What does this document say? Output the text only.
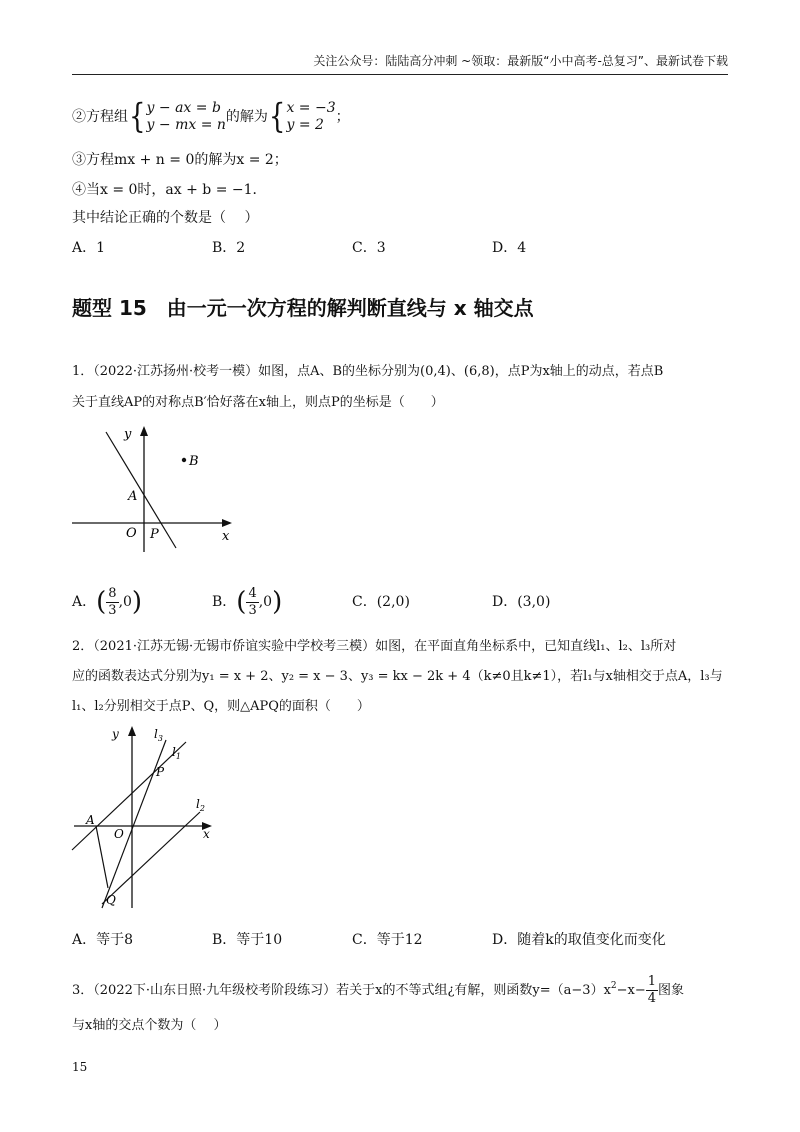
关注公众号：陆陆高分冲刺 ~领取：最新版“小中高考-总复习”、最新试卷下载
②方程组{ y − ax = b
y − mx = n 的解为{ x = −3
y = 2 ；
③方程mx + n = 0的解为x = 2；
④当x = 0时，ax + b = −1．
其中结论正确的个数是（　 ）
A．1	B．2	C．3	D．4
题型 15　由一元一次方程的解判断直线与 x 轴交点
1．（2022·江苏扬州·校考一模）如图，点A、B的坐标分别为(0,4)、(6,8)，点P为x轴上的动点，若点B
关于直线AP的对称点B′恰好落在x轴上，则点P的坐标是（　　）
B
y
x
A
O P
A．( $\frac{8}{3} ,0$)	B．( $\frac{4}{3} ,0$)	C．(2,0)	D．(3,0)
2．（2021·江苏无锡·无锡市侨谊实验中学校考三模）如图，在平面直角坐标系中，已知直线l₁、l₂、l₃所对
应的函数表达式分别为y₁ = x + 2、y₂ = x − 3、y₃ = kx − 2k + 4（k≠0且k≠1），若l₁与x轴相交于点A，l₃与
l₁、l₂分别相交于点P、Q，则△APQ的面积（　　）
y
x
A
O
P
Q
$l_1$
$l_2$
$l_3$
A．等于8	B．等于10	C．等于12	D．随着k的取值变化而变化
3．（2022下·山东日照·九年级校考阶段练习）若关于x的不等式组¿有解，则函数$y=(a-3)x^2-x- \frac{1}{4}$ 图象
与x轴的交点个数为（　 ）
15
